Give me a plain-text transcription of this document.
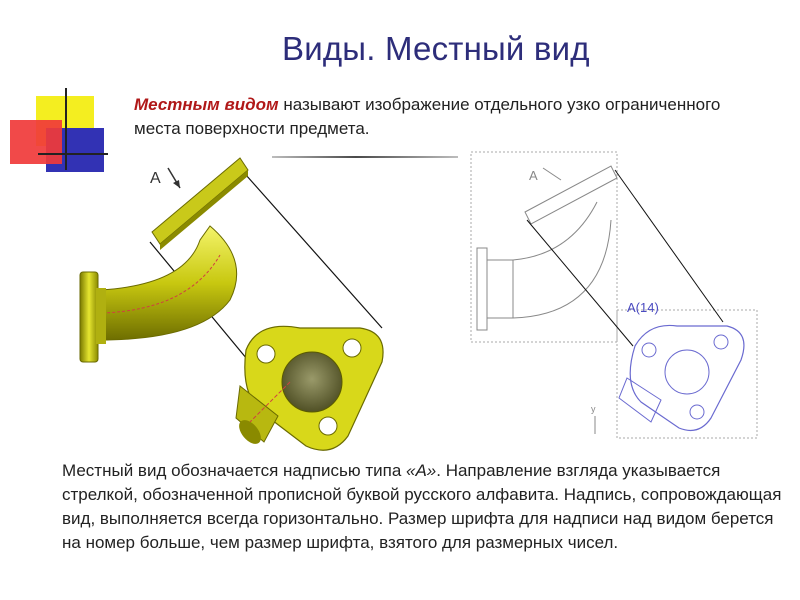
Виды. Местный вид
Местным видом называют изображение отдельного узко ограниченного места поверхности предмета.
А	A
A(14)
y
Местный вид обозначается надписью типа «А». Направление взгляда указывается стрелкой, обозначенной прописной буквой русского алфавита. Надпись, сопровождающая вид, выполняется всегда горизонтально. Размер шрифта для надписи над видом берется на номер больше, чем размер шрифта, взятого для размерных чисел.
